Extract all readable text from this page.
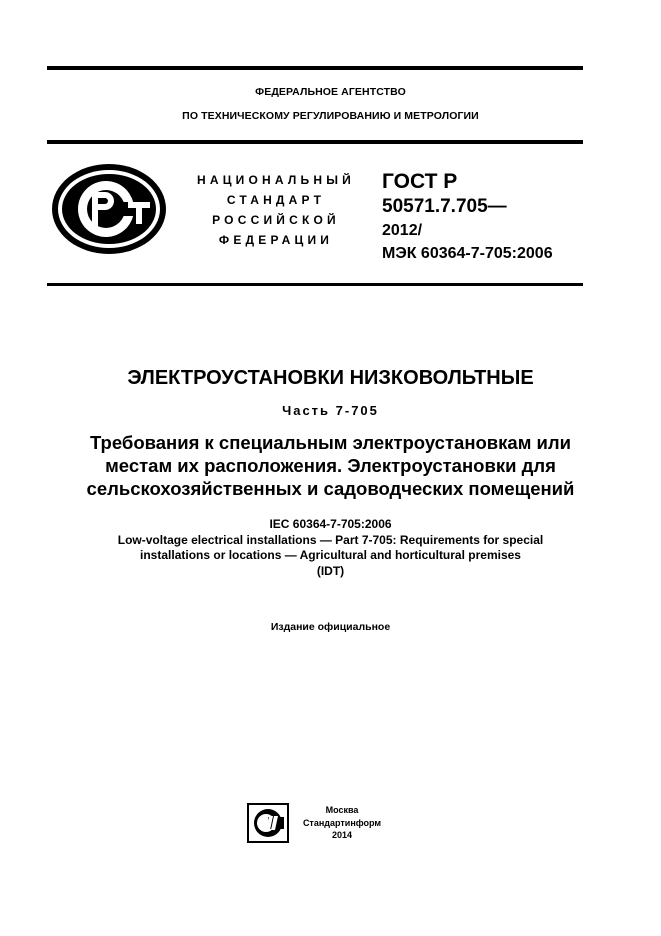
ФЕДЕРАЛЬНОЕ АГЕНТСТВО
ПО ТЕХНИЧЕСКОМУ РЕГУЛИРОВАНИЮ И МЕТРОЛОГИИ
НАЦИОНАЛЬНЫЙ
СТАНДАРТ
РОССИЙСКОЙ
ФЕДЕРАЦИИ
ГОСТ Р
50571.7.705—
2012/
МЭК 60364-7-705:2006
ЭЛЕКТРОУСТАНОВКИ НИЗКОВОЛЬТНЫЕ
Часть 7-705
Требования к специальным электроустановкам или
местам их расположения. Электроустановки для
сельскохозяйственных и садоводческих помещений
IEC 60364-7-705:2006
Low-voltage electrical installations — Part 7-705: Requirements for special
installations or locations — Agricultural and horticultural premises
(IDT)
Издание официальное
Москва
Стандартинформ
2014
